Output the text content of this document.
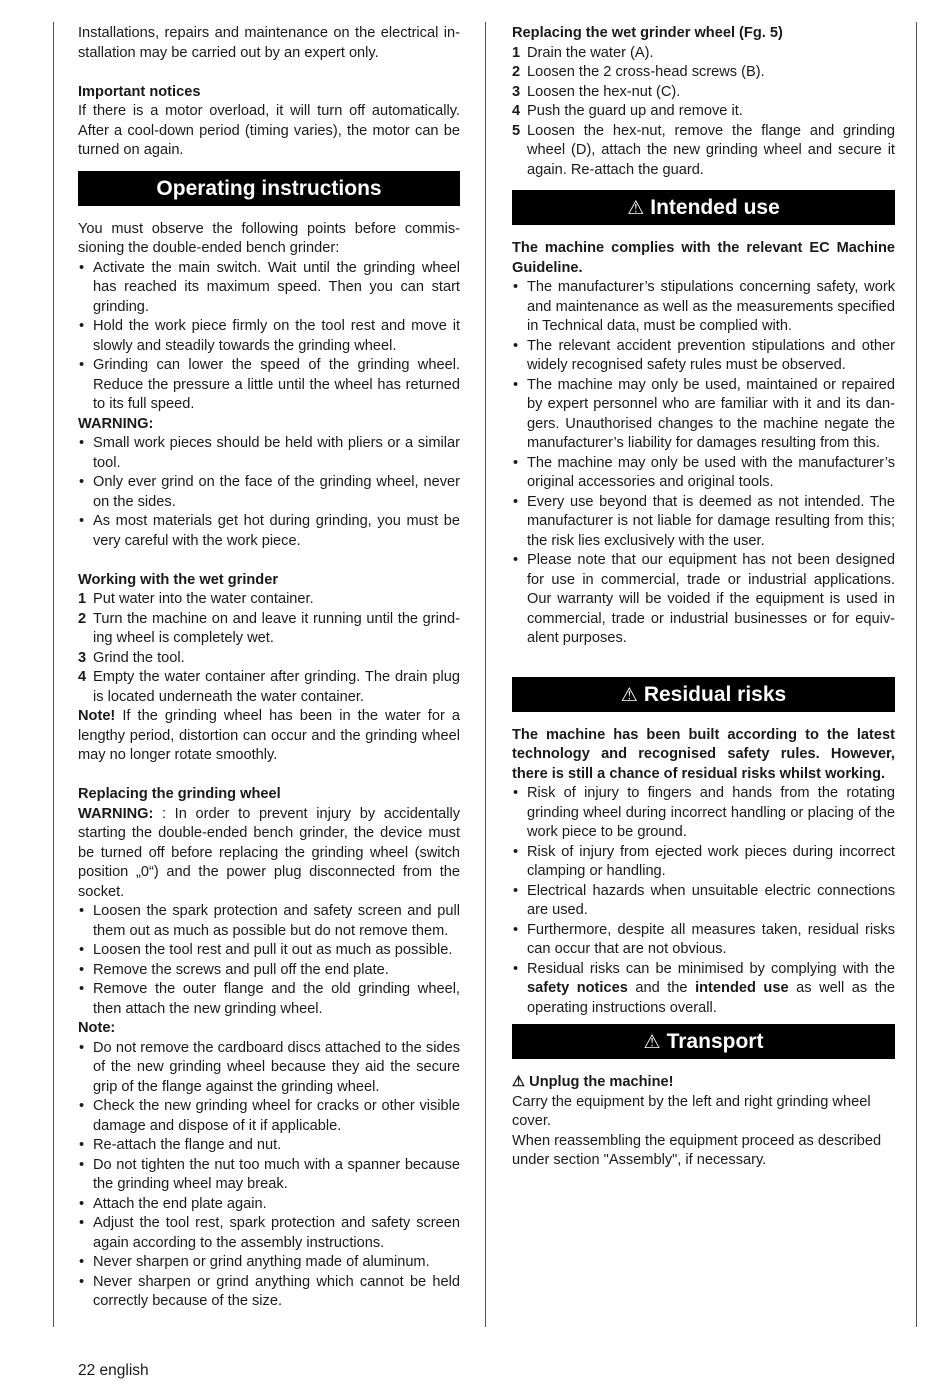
Installations, repairs and maintenance on the electrical installation may be carried out by an expert only.

Important notices

If there is a motor overload, it will turn off automatically. After a cool-down period (timing varies), the motor can be turned on again.

Operating instructions

You must observe the following points before commissioning the double-ended bench grinder:

• Activate the main switch. Wait until the grinding wheel has reached its maximum speed. Then you can start grinding.
• Hold the work piece firmly on the tool rest and move it slowly and steadily towards the grinding wheel.
• Grinding can lower the speed of the grinding wheel. Reduce the pressure a little until the wheel has returned to its full speed.

WARNING:

• Small work pieces should be held with pliers or a similar tool.
• Only ever grind on the face of the grinding wheel, never on the sides.
• As most materials get hot during grinding, you must be very careful with the work piece.

Working with the wet grinder

1 Put water into the water container.
2 Turn the machine on and leave it running until the grinding wheel is completely wet.
3 Grind the tool.
4 Empty the water container after grinding. The drain plug is located underneath the water container.

Note! If the grinding wheel has been in the water for a lengthy period, distortion can occur and the grinding wheel may no longer rotate smoothly.

Replacing the grinding wheel

WARNING: : In order to prevent injury by accidentally starting the double-ended bench grinder, the device must be turned off before replacing the grinding wheel (switch position „0“) and the power plug disconnected from the socket.

• Loosen the spark protection and safety screen and pull them out as much as possible but do not remove them.
• Loosen the tool rest and pull it out as much as possible.
• Remove the screws and pull off the end plate.
• Remove the outer flange and the old grinding wheel, then attach the new grinding wheel.

Note:

• Do not remove the cardboard discs attached to the sides of the new grinding wheel because they aid the secure grip of the flange against the grinding wheel.
• Check the new grinding wheel for cracks or other visible damage and dispose of it if applicable.
• Re-attach the flange and nut.
• Do not tighten the nut too much with a spanner because the grinding wheel may break.
• Attach the end plate again.
• Adjust the tool rest, spark protection and safety screen again according to the assembly instructions.
• Never sharpen or grind anything made of aluminum.
• Never sharpen or grind anything which cannot be held correctly because of the size.

Replacing the wet grinder wheel (Fg. 5)

1 Drain the water (A).
2 Loosen the 2 cross-head screws (B).
3 Loosen the hex-nut (C).
4 Push the guard up and remove it.
5 Loosen the hex-nut, remove the flange and grinding wheel (D), attach the new grinding wheel and secure it again. Re-attach the guard.
⚠ Intended use

The machine complies with the relevant EC Machine Guideline.

• The manufacturer’s stipulations concerning safety, work and maintenance as well as the measurements specified in Technical data, must be complied with.
• The relevant accident prevention stipulations and other widely recognised safety rules must be observed.
• The machine may only be used, maintained or repaired by expert personnel who are familiar with it and its dangers. Unauthorised changes to the machine negate the manufacturer’s liability for damages resulting from this.
• The machine may only be used with the manufacturer’s original accessories and original tools.
• Every use beyond that is deemed as not intended. The manufacturer is not liable for damage resulting from this; the risk lies exclusively with the user.
• Please note that our equipment has not been designed for use in commercial, trade or industrial applications. Our warranty will be voided if the equipment is used in commercial, trade or industrial businesses or for equivalent purposes.
⚠ Residual risks

The machine has been built according to the latest technology and recognised safety rules. However, there is still a chance of residual risks whilst working.

• Risk of injury to fingers and hands from the rotating grinding wheel during incorrect handling or placing of the work piece to be ground.
• Risk of injury from ejected work pieces during incorrect clamping or handling.
• Electrical hazards when unsuitable electric connections are used.
• Furthermore, despite all measures taken, residual risks can occur that are not obvious.
• Residual risks can be minimised by complying with the safety notices and the intended use as well as the operating instructions overall.
⚠ Transport

⚠ Unplug the machine!

Carry the equipment by the left and right grinding wheel cover.

When reassembling the equipment proceed as described under section "Assembly", if necessary.

22 english
